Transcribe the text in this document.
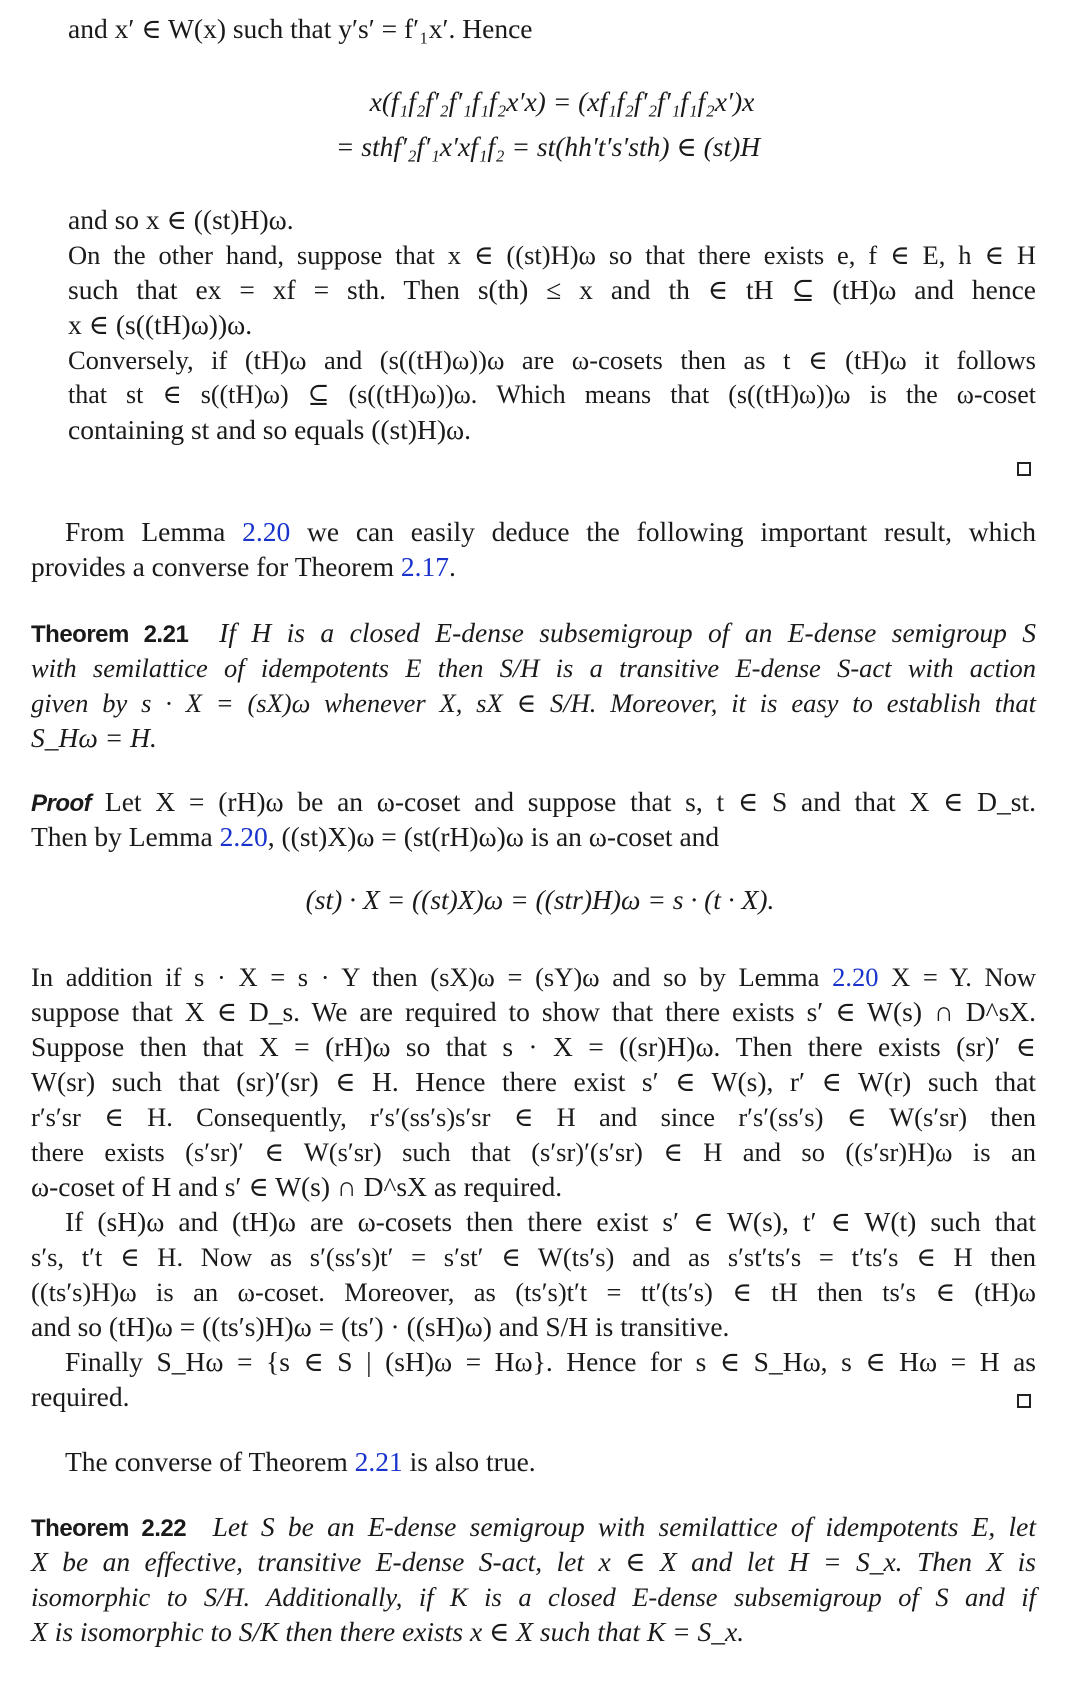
and x′ ∈ W(x) such that y′s′ = f′₁x′. Hence
x(f₁f₂f′₂f′₁f₁f₂x′x) = (xf₁f₂f′₂f′₁f₁f₂x′)x
= sthf′₂f′₁x′xf₁f₂ = st(hh′t′s′sth) ∈ (st)H
and so x ∈ ((st)H)ω.
On the other hand, suppose that x ∈ ((st)H)ω so that there exists e, f ∈ E, h ∈ H
such that ex = xf = sth. Then s(th) ≤ x and th ∈ tH ⊆ (tH)ω and hence
x ∈ (s((tH)ω))ω.
Conversely, if (tH)ω and (s((tH)ω))ω are ω-cosets then as t ∈ (tH)ω it follows
that st ∈ s((tH)ω) ⊆ (s((tH)ω))ω. Which means that (s((tH)ω))ω is the ω-coset
containing st and so equals ((st)H)ω.
From Lemma 2.20 we can easily deduce the following important result, which
provides a converse for Theorem 2.17.
Theorem 2.21 If H is a closed E-dense subsemigroup of an E-dense semigroup S
with semilattice of idempotents E then S/H is a transitive E-dense S-act with action
given by s · X = (sX)ω whenever X, sX ∈ S/H. Moreover, it is easy to establish that
S_Hω = H.
Proof Let X = (rH)ω be an ω-coset and suppose that s, t ∈ S and that X ∈ D_st.
Then by Lemma 2.20, ((st)X)ω = (st(rH)ω)ω is an ω-coset and
(st) · X = ((st)X)ω = ((str)H)ω = s · (t · X).
In addition if s · X = s · Y then (sX)ω = (sY)ω and so by Lemma 2.20 X = Y. Now
suppose that X ∈ D_s. We are required to show that there exists s′ ∈ W(s) ∩ D^sX.
Suppose then that X = (rH)ω so that s · X = ((sr)H)ω. Then there exists (sr)′ ∈
W(sr) such that (sr)′(sr) ∈ H. Hence there exist s′ ∈ W(s), r′ ∈ W(r) such that
r′s′sr ∈ H. Consequently, r′s′(ss′s)s′sr ∈ H and since r′s′(ss′s) ∈ W(s′sr) then
there exists (s′sr)′ ∈ W(s′sr) such that (s′sr)′(s′sr) ∈ H and so ((s′sr)H)ω is an
ω-coset of H and s′ ∈ W(s) ∩ D^sX as required.
If (sH)ω and (tH)ω are ω-cosets then there exist s′ ∈ W(s), t′ ∈ W(t) such that
s′s, t′t ∈ H. Now as s′(ss′s)t′ = s′st′ ∈ W(ts′s) and as s′st′ts′s = t′ts′s ∈ H then
((ts′s)H)ω is an ω-coset. Moreover, as (ts′s)t′t = tt′(ts′s) ∈ tH then ts′s ∈ (tH)ω
and so (tH)ω = ((ts′s)H)ω = (ts′) · ((sH)ω) and S/H is transitive.
Finally S_Hω = {s ∈ S | (sH)ω = Hω}. Hence for s ∈ S_Hω, s ∈ Hω = H as
required.
The converse of Theorem 2.21 is also true.
Theorem 2.22 Let S be an E-dense semigroup with semilattice of idempotents E, let
X be an effective, transitive E-dense S-act, let x ∈ X and let H = S_x. Then X is
isomorphic to S/H. Additionally, if K is a closed E-dense subsemigroup of S and if
X is isomorphic to S/K then there exists x ∈ X such that K = S_x.
